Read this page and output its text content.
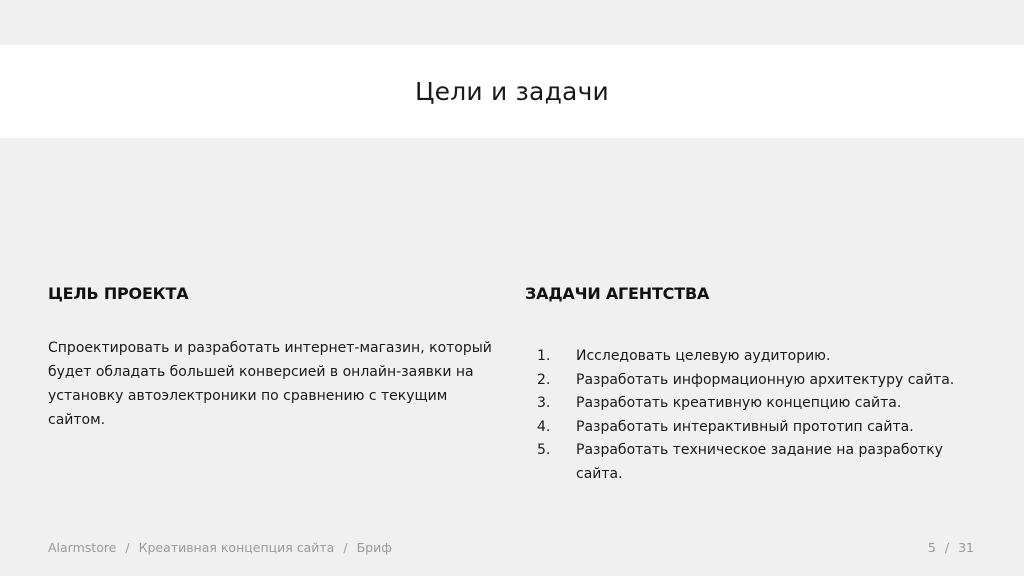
Цели и задачи
ЦЕЛЬ ПРОЕКТА

Спроектировать и разработать интернет-магазин, который будет обладать большей конверсией в онлайн-заявки на установку автоэлектроники по сравнению с текущим сайтом.

ЗАДАЧИ АГЕНТСТВА
1.	Исследовать целевую аудиторию.
2.	Разработать информационную архитектуру сайта.
3.	Разработать креативную концепцию сайта.
4.	Разработать интерактивный прототип сайта.
5.	Разработать техническое задание на разработку сайта.
Alarmstore / Креативная концепция сайта / Бриф	5 / 31
